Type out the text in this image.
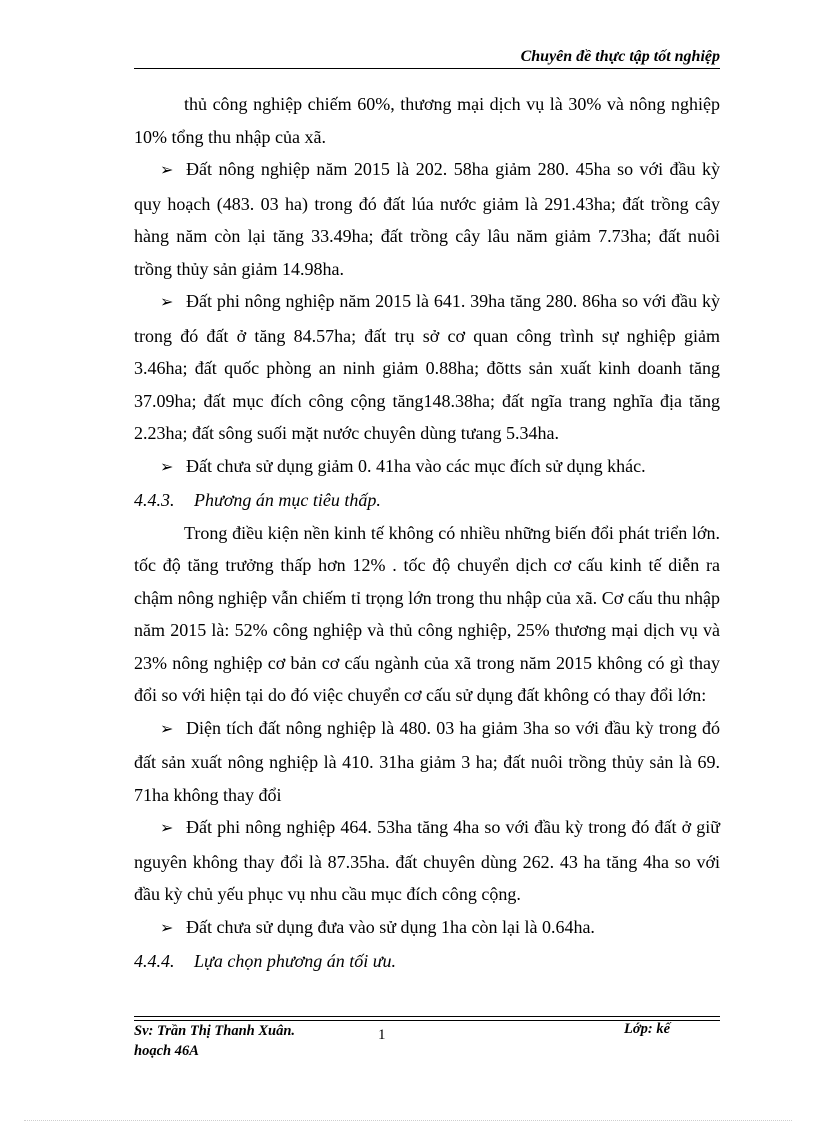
Chuyên đề thực tập tốt nghiệp

thủ công nghiệp chiếm 60%, thương mại dịch vụ là 30% và nông nghiệp 10% tổng thu nhập của xã.

➢ Đất nông nghiệp năm 2015 là 202. 58ha giảm 280. 45ha so với đầu kỳ quy hoạch (483. 03 ha) trong đó đất lúa nước giảm là 291.43ha; đất trồng cây hàng năm còn lại tăng 33.49ha; đất trồng cây lâu năm giảm 7.73ha; đất nuôi trồng thủy sản giảm 14.98ha.

➢ Đất phi nông nghiệp năm 2015 là 641. 39ha tăng 280. 86ha so với đầu kỳ trong đó đất ở tăng 84.57ha; đất trụ sở cơ quan công trình sự nghiệp giảm 3.46ha; đất quốc phòng an ninh giảm 0.88ha; đõtts sản xuất kinh doanh tăng 37.09ha; đất mục đích công cộng tăng148.38ha; đất ngĩa trang nghĩa địa tăng 2.23ha; đất sông suối mặt nước chuyên dùng tưang 5.34ha.

➢ Đất chưa sử dụng giảm 0. 41ha vào các mục đích sử dụng khác.

4.4.3. Phương án mục tiêu thấp.

Trong điều kiện nền kinh tế không có nhiều những biến đổi phát triển lớn. tốc độ tăng trưởng thấp hơn 12% . tốc độ chuyển dịch cơ cấu kinh tế diễn ra chậm nông nghiệp vẫn chiếm tỉ trọng lớn trong thu nhập của xã. Cơ cấu thu nhập năm 2015 là: 52% công nghiệp và thủ công nghiệp, 25% thương mại dịch vụ và 23% nông nghiệp cơ bản cơ cấu ngành của xã trong năm 2015 không có gì thay đổi so với hiện tại do đó việc chuyển cơ cấu sử dụng đất không có thay đổi lớn:

➢ Diện tích đất nông nghiệp là 480. 03 ha giảm 3ha so với đầu kỳ trong đó đất sản xuất nông nghiệp là 410. 31ha giảm 3 ha; đất nuôi trồng thủy sản là 69. 71ha không thay đổi

➢ Đất phi nông nghiệp 464. 53ha tăng 4ha so với đầu kỳ trong đó đất ở giữ nguyên không thay đổi là 87.35ha. đất chuyên dùng 262. 43 ha tăng 4ha so với đầu kỳ chủ yếu phục vụ nhu cầu mục đích công cộng.

➢ Đất chưa sử dụng đưa vào sử dụng 1ha còn lại là 0.64ha.

4.4.4. Lựa chọn phương án tối ưu.

Sv: Trần Thị Thanh Xuân.
hoạch 46A
1	Lớp: kế
